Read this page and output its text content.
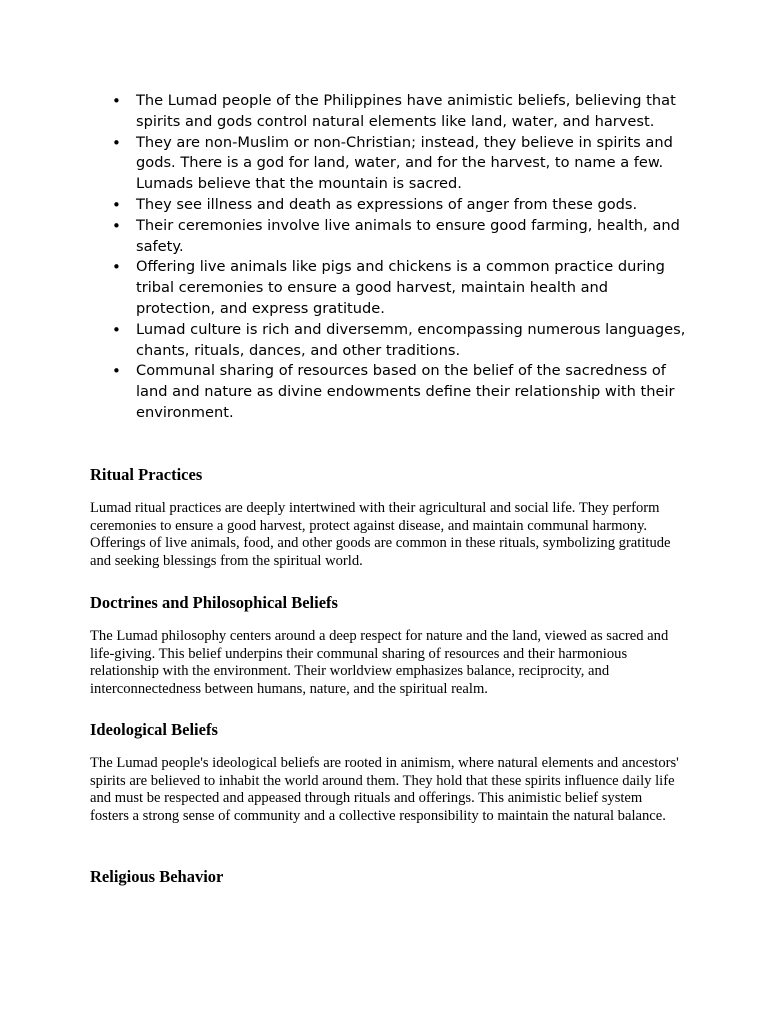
• The Lumad people of the Philippines have animistic beliefs, believing that spirits and gods control natural elements like land, water, and harvest.
• They are non-Muslim or non-Christian; instead, they believe in spirits and gods. There is a god for land, water, and for the harvest, to name a few. Lumads believe that the mountain is sacred.
• They see illness and death as expressions of anger from these gods.
• Their ceremonies involve live animals to ensure good farming, health, and safety.
• Offering live animals like pigs and chickens is a common practice during tribal ceremonies to ensure a good harvest, maintain health and protection, and express gratitude.
• Lumad culture is rich and diversemm, encompassing numerous languages, chants, rituals, dances, and other traditions.
• Communal sharing of resources based on the belief of the sacredness of land and nature as divine endowments define their relationship with their environment.
Ritual Practices

Lumad ritual practices are deeply intertwined with their agricultural and social life. They perform ceremonies to ensure a good harvest, protect against disease, and maintain communal harmony. Offerings of live animals, food, and other goods are common in these rituals, symbolizing gratitude and seeking blessings from the spiritual world.

Doctrines and Philosophical Beliefs

The Lumad philosophy centers around a deep respect for nature and the land, viewed as sacred and life-giving. This belief underpins their communal sharing of resources and their harmonious relationship with the environment. Their worldview emphasizes balance, reciprocity, and interconnectedness between humans, nature, and the spiritual realm.

Ideological Beliefs

The Lumad people's ideological beliefs are rooted in animism, where natural elements and ancestors' spirits are believed to inhabit the world around them. They hold that these spirits influence daily life and must be respected and appeased through rituals and offerings. This animistic belief system fosters a strong sense of community and a collective responsibility to maintain the natural balance.

Religious Behavior
